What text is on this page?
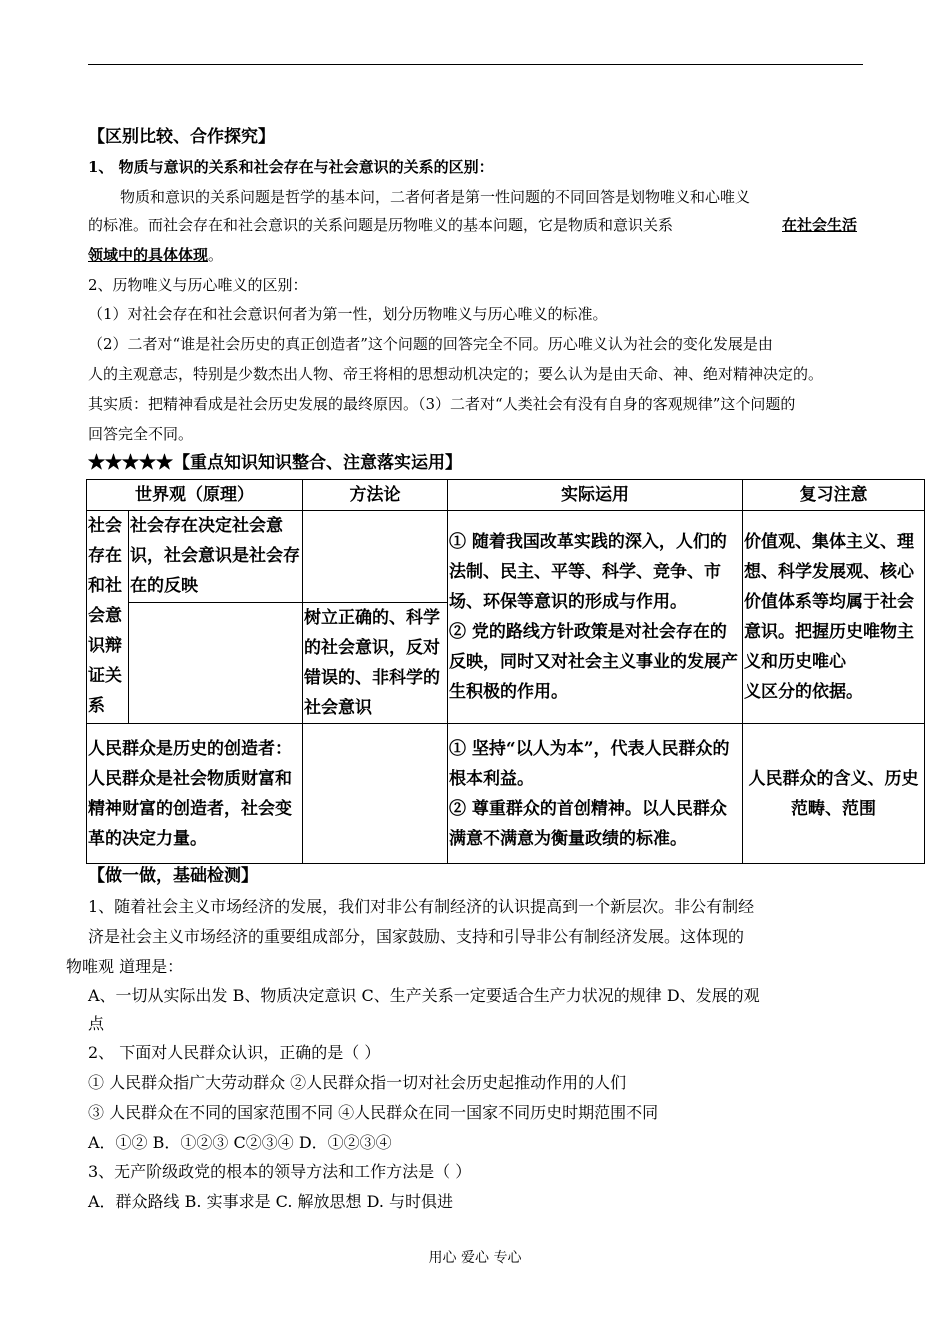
【区别比较、合作探究】
1、 物质与意识的关系和社会存在与社会意识的关系的区别：
物质和意识的关系问题是哲学的基本问，二者何者是第一性问题的不同回答是划物唯义和心唯义
的标准。而社会存在和社会意识的关系问题是历物唯义的基本问题，它是物质和意识关系	在社会生活
领域中的具体体现。
2、历物唯义与历心唯义的区别：
（1）对社会存在和社会意识何者为第一性，划分历物唯义与历心唯义的标准。
（2）二者对“谁是社会历史的真正创造者”这个问题的回答完全不同。历心唯义认为社会的变化发展是由
人的主观意志，特别是少数杰出人物、帝王将相的思想动机决定的；要么认为是由天命、神、绝对精神决定的。
其实质：把精神看成是社会历史发展的最终原因。（3）二者对“人类社会有没有自身的客观规律”这个问题的
回答完全不同。
★★★★★【重点知识知识整合、注意落实运用】
世界观（原理）		方法论	实际运用	复习注意
社会存在和社会意识辩证关系	社会存在决定社会意识，社会意识是社会存在的反映		① 随着我国改革实践的深入，人们的法制、民主、平等、科学、竞争、市场、环保等意识的形成与作用。
② 党的路线方针政策是对社会存在的反映，同时又对社会主义事业的发展产生积极的作用。	价值观、集体主义、理想、科学发展观、核心价值体系等均属于社会意识。把握历史唯物主义和历史唯心
义区分的依据。
		树立正确的、科学的社会意识，反对错误的、非科学的社会意识		
人民群众是历史的创造者：人民群众是社会物质财富和精神财富的创造者，社会变革的决定力量。			① 坚持“以人为本”，代表人民群众的根本利益。
② 尊重群众的首创精神。以人民群众满意不满意为衡量政绩的标准。	人民群众的含义、历史范畴、范围
【做一做，基础检测】
1、随着社会主义市场经济的发展，我们对非公有制经济的认识提高到一个新层次。非公有制经
济是社会主义市场经济的重要组成部分，国家鼓励、支持和引导非公有制经济发展。这体现的
物唯观 道理是：
A、一切从实际出发 B、物质决定意识 C、生产关系一定要适合生产力状况的规律 D、发展的观
点
2、 下面对人民群众认识，正确的是（ ）
① 人民群众指广大劳动群众 ②人民群众指一切对社会历史起推动作用的人们
③ 人民群众在不同的国家范围不同 ④人民群众在同一国家不同历史时期范围不同
A．①② B．①②③ C②③④ D．①②③④
3、无产阶级政党的根本的领导方法和工作方法是（ ）
A．群众路线 B. 实事求是 C. 解放思想 D. 与时俱进
用心 爱心 专心
